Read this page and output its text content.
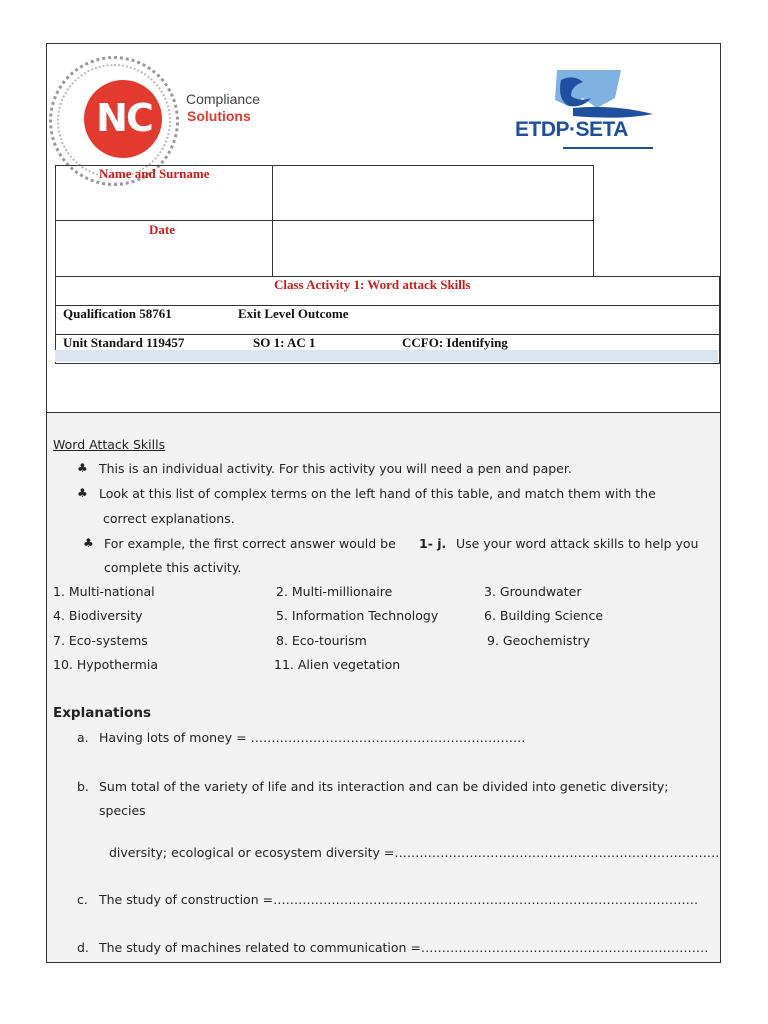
NC	Compliance
Solutions
ETDP·SETA
Name and Surname
Date
Class Activity 1: Word attack Skills
Qualification 58761	Exit Level Outcome
Unit Standard 119457	SO 1: AC 1	CCFO: Identifying
Word Attack Skills
♣ This is an individual activity. For this activity you will need a pen and paper.
♣ Look at this list of complex terms on the left hand of this table, and match them with the
correct explanations.
♣ For example, the first correct answer would be 1- j. Use your word attack skills to help you
complete this activity.
1. Multi-national	2. Multi-millionaire	3. Groundwater
4. Biodiversity	5. Information Technology	6. Building Science
7. Eco-systems	8. Eco-tourism	9. Geochemistry
10. Hypothermia	11. Alien vegetation
Explanations
a. Having lots of money = …………………………………………………………
b. Sum total of the variety of life and its interaction and can be divided into genetic diversity;
species
diversity; ecological or ecosystem diversity =……………………………………………………………………
c. The study of construction =…………………………………………………………………………………………
d. The study of machines related to communication =……………………………………………………………
